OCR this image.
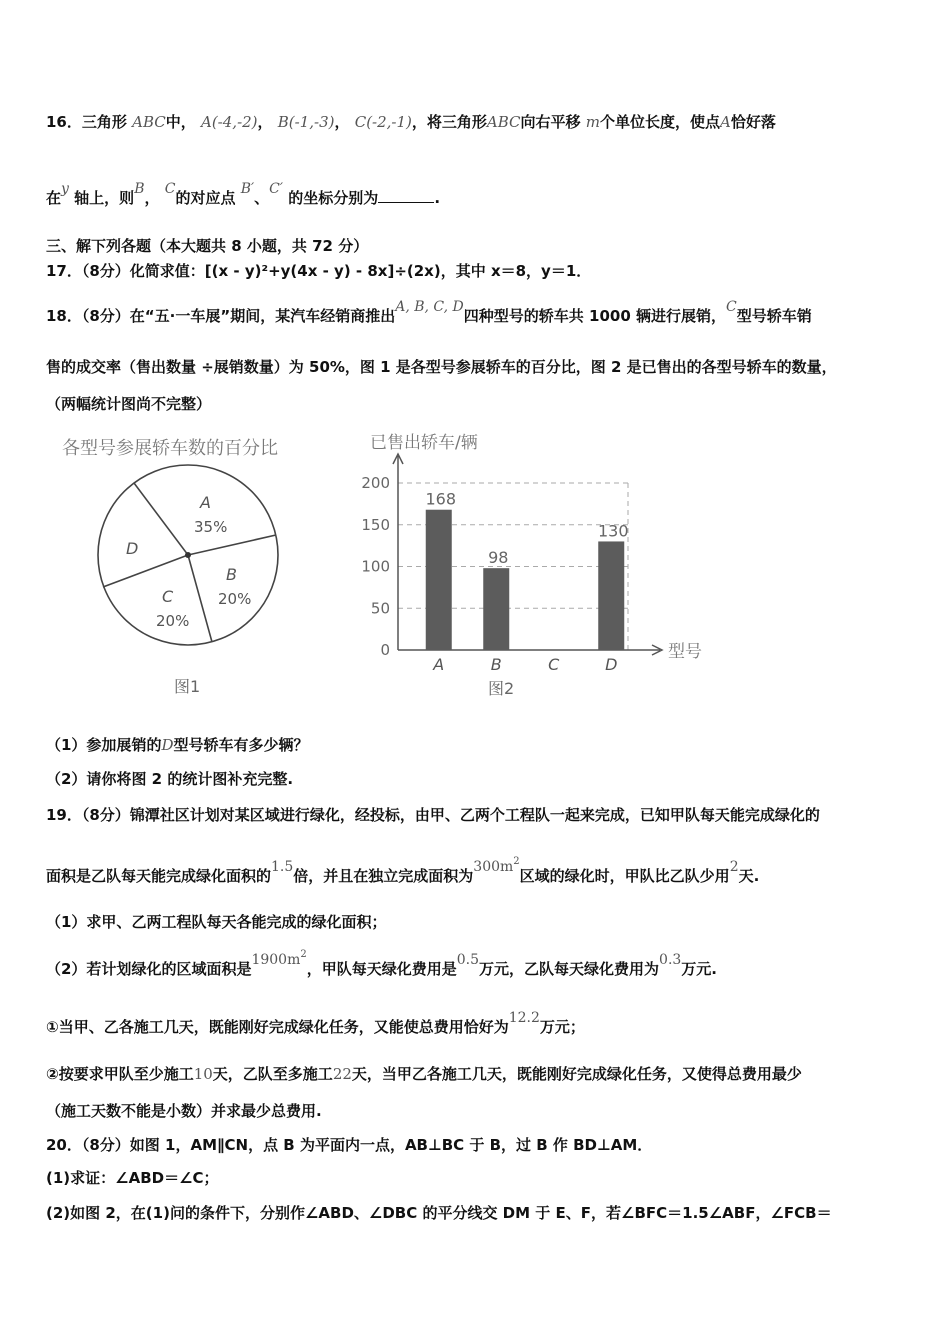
16．三角形 ABC中， A(-4,-2)， B(-1,-3)， C(-2,-1)，将三角形ABC向右平移 m个单位长度，使点A恰好落
在y 轴上，则B， C的对应点 B′、C′ 的坐标分别为	.
三、解下列各题（本大题共 8 小题，共 72 分）
17．（8分）化简求值：[(x - y)²+y(4x - y) - 8x]÷(2x)，其中 x＝8，y＝1．
18．（8分）在“五·一车展”期间，某汽车经销商推出A, B, C, D四种型号的轿车共 1000 辆进行展销，C型号轿车销
售的成交率（售出数量 ÷展销数量）为 50%，图 1 是各型号参展轿车的百分比，图 2 是已售出的各型号轿车的数量，
（两幅统计图尚不完整）
各型号参展轿车数的百分比
A
35%
B
20%
C
20%
D
图1
已售出轿车/辆
0
50
100
150
200
型号
168
A
98
B	C
130
D
图2
（1）参加展销的D型号轿车有多少辆？
（2）请你将图 2 的统计图补充完整.
19．（8分）锦潭社区计划对某区域进行绿化，经投标，由甲、乙两个工程队一起来完成，已知甲队每天能完成绿化的
面积是乙队每天能完成绿化面积的1.5倍，并且在独立完成面积为$300m^2$区域的绿化时，甲队比乙队少用2天.
（1）求甲、乙两工程队每天各能完成的绿化面积；
（2）若计划绿化的区域面积是$1900m^2$，甲队每天绿化费用是0.5万元，乙队每天绿化费用为0.3万元.
①当甲、乙各施工几天，既能刚好完成绿化任务，又能使总费用恰好为12.2万元；
②按要求甲队至少施工10天，乙队至多施工22天，当甲乙各施工几天，既能刚好完成绿化任务，又使得总费用最少
（施工天数不能是小数）并求最少总费用.
20．（8分）如图 1，AM∥CN，点 B 为平面内一点，AB⊥BC 于 B，过 B 作 BD⊥AM．
(1)求证：∠ABD＝∠C；
(2)如图 2，在(1)问的条件下，分别作∠ABD、∠DBC 的平分线交 DM 于 E、F，若∠BFC＝1.5∠ABF，∠FCB＝
